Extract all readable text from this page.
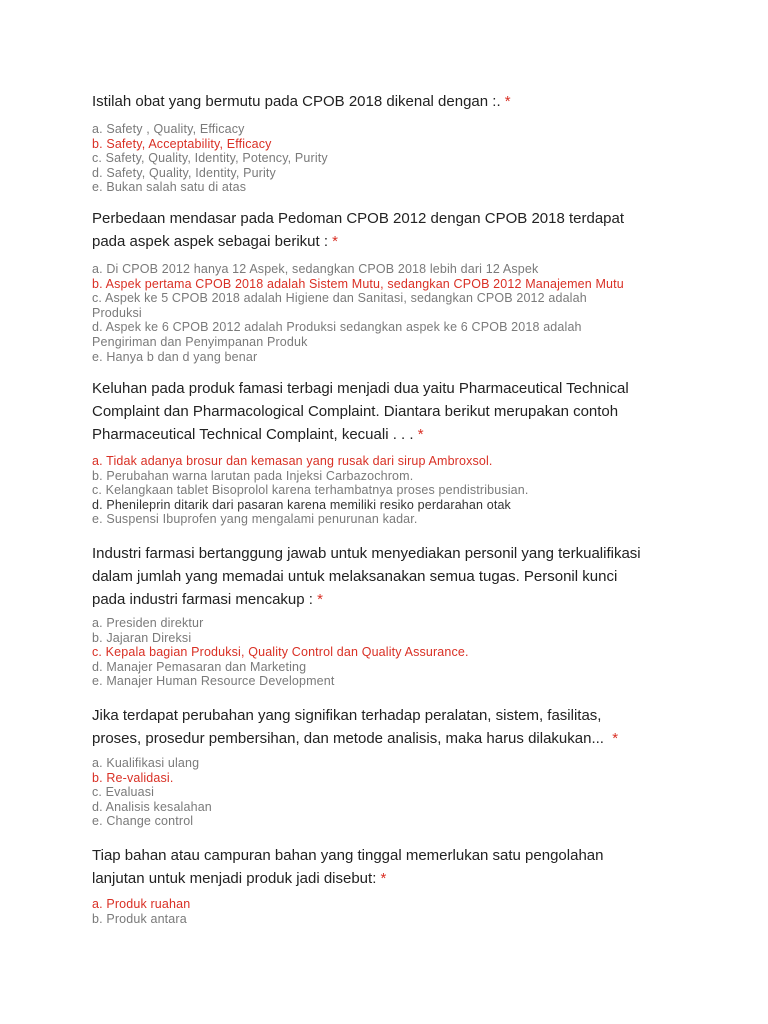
Istilah obat yang bermutu pada CPOB 2018 dikenal dengan :. *
a. Safety , Quality, Efficacy
b. Safety, Acceptability, Efficacy
c. Safety, Quality, Identity, Potency, Purity
d. Safety, Quality, Identity, Purity
e. Bukan salah satu di atas
Perbedaan mendasar pada Pedoman CPOB 2012 dengan CPOB 2018 terdapat
pada aspek aspek sebagai berikut : *
a. Di CPOB 2012 hanya 12 Aspek, sedangkan CPOB 2018 lebih dari 12 Aspek
b. Aspek pertama CPOB 2018 adalah Sistem Mutu, sedangkan CPOB 2012 Manajemen Mutu
c. Aspek ke 5 CPOB 2018 adalah Higiene dan Sanitasi, sedangkan CPOB 2012 adalah
Produksi
d. Aspek ke 6 CPOB 2012 adalah Produksi sedangkan aspek ke 6 CPOB 2018 adalah
Pengiriman dan Penyimpanan Produk
e. Hanya b dan d yang benar
Keluhan pada produk famasi terbagi menjadi dua yaitu Pharmaceutical Technical
Complaint dan Pharmacological Complaint. Diantara berikut merupakan contoh
Pharmaceutical Technical Complaint, kecuali . . . *
a. Tidak adanya brosur dan kemasan yang rusak dari sirup Ambroxsol.
b. Perubahan warna larutan pada Injeksi Carbazochrom.
c. Kelangkaan tablet Bisoprolol karena terhambatnya proses pendistribusian.
d. Phenileprin ditarik dari pasaran karena memiliki resiko perdarahan otak
e. Suspensi Ibuprofen yang mengalami penurunan kadar.
Industri farmasi bertanggung jawab untuk menyediakan personil yang terkualifikasi
dalam jumlah yang memadai untuk melaksanakan semua tugas. Personil kunci
pada industri farmasi mencakup : *
a. Presiden direktur
b. Jajaran Direksi
c. Kepala bagian Produksi, Quality Control dan Quality Assurance.
d. Manajer Pemasaran dan Marketing
e. Manajer Human Resource Development
Jika terdapat perubahan yang signifikan terhadap peralatan, sistem, fasilitas,
proses, prosedur pembersihan, dan metode analisis, maka harus dilakukan...  *
a. Kualifikasi ulang
b. Re-validasi.
c. Evaluasi
d. Analisis kesalahan
e. Change control
Tiap bahan atau campuran bahan yang tinggal memerlukan satu pengolahan
lanjutan untuk menjadi produk jadi disebut: *
a. Produk ruahan
b. Produk antara
